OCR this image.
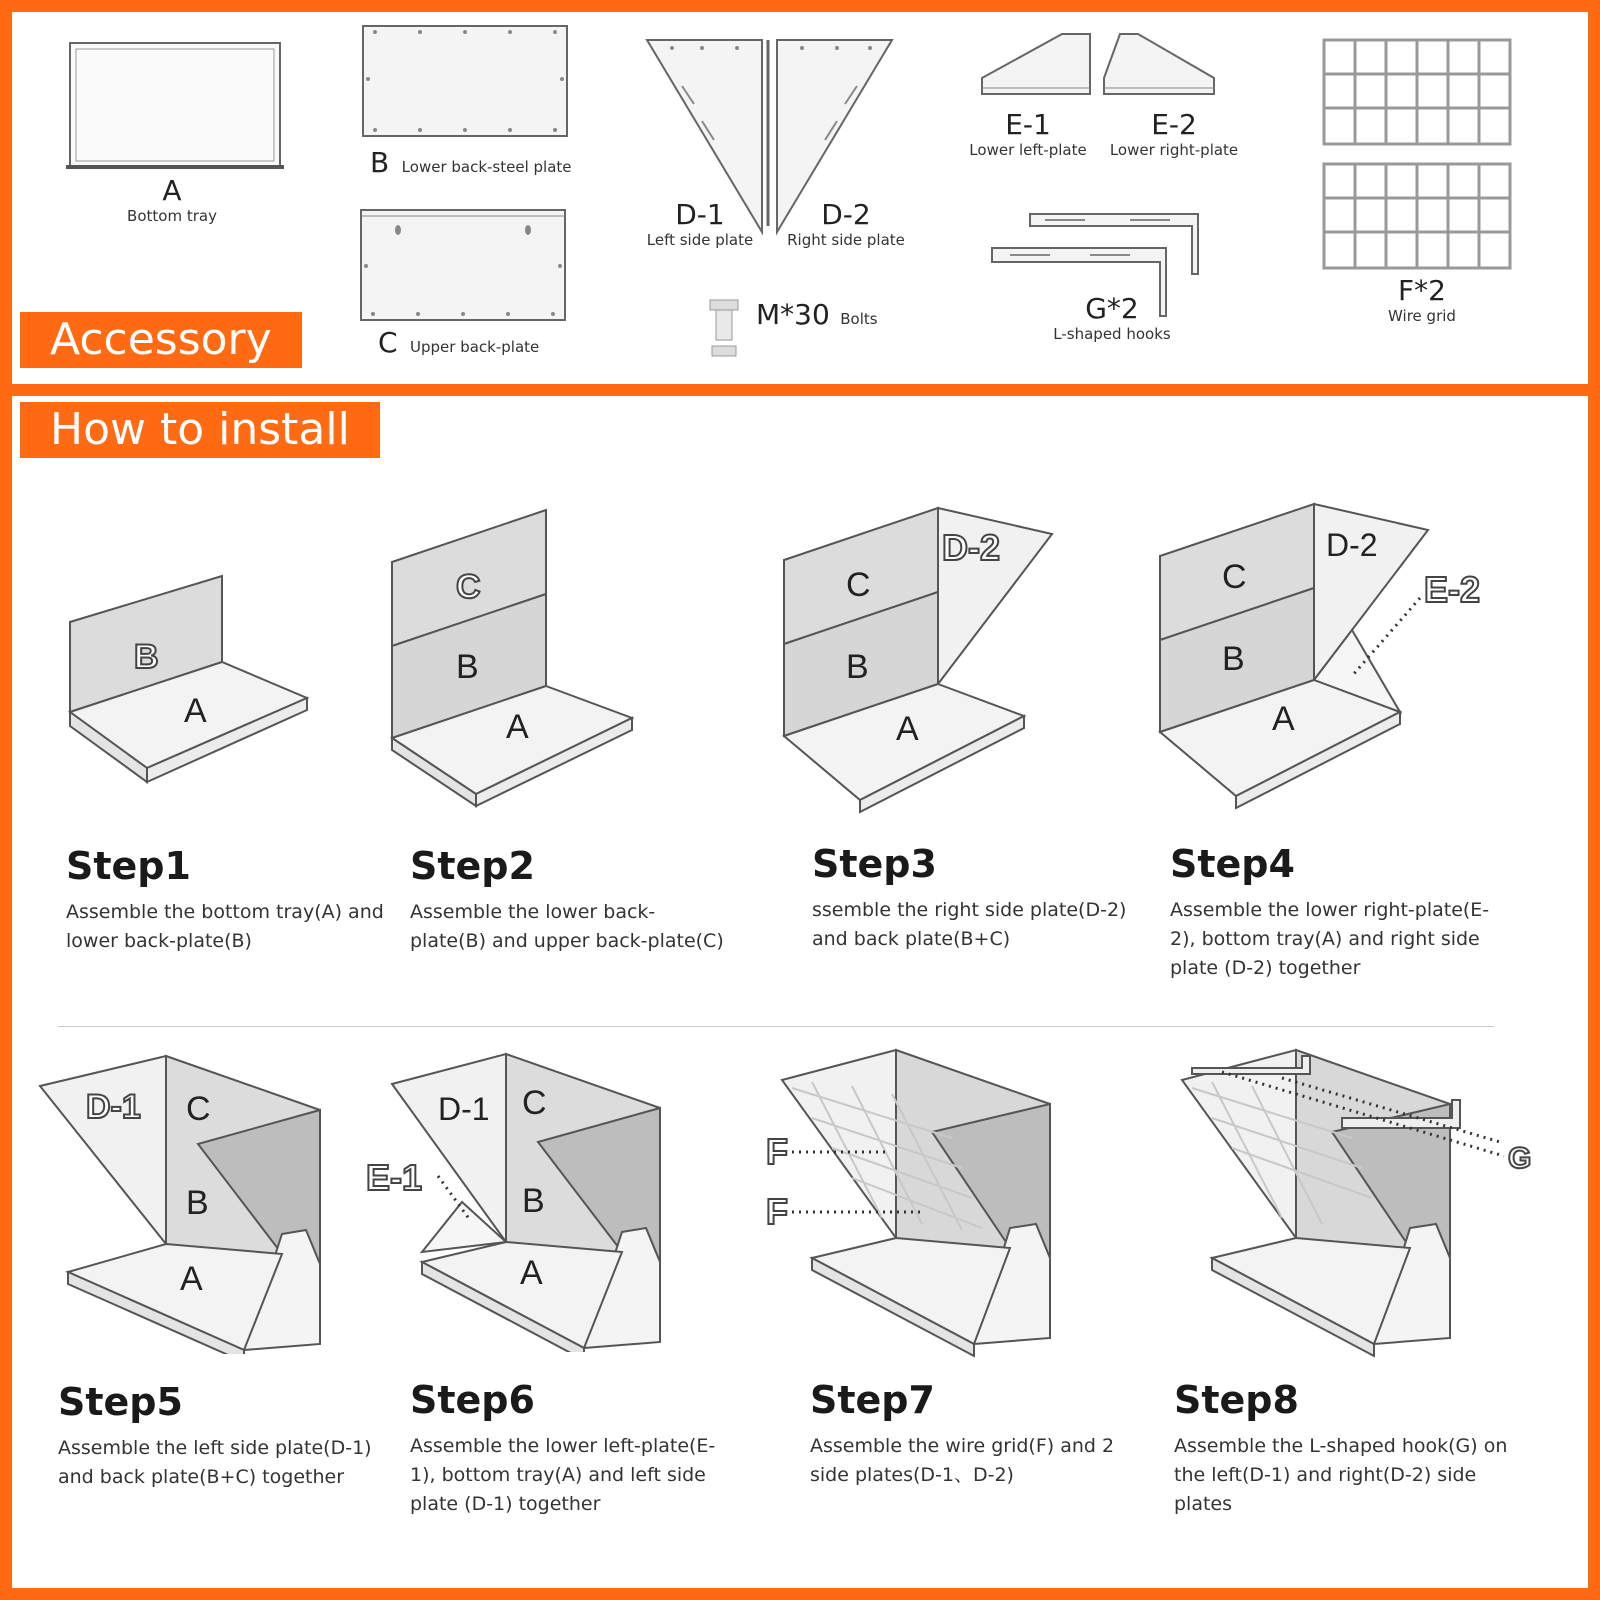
A
Bottom tray
B Lower back-steel plate
C Upper back-plate
D-1
Left side plate
D-2
Right side plate
M*30 Bolts
E-1
Lower left-plate
E-2
Lower right-plate
G*2
L-shaped hooks
F*2
Wire grid
Accessory
How to install
B
A
C
B
A
C
B
A
D-2
C
B
A
D-2
E-2
Step1
Assemble the bottom tray(A) and lower back-plate(B)
Step2
Assemble the lower back-plate(B) and upper back-plate(C)
Step3
ssemble the right side plate(D-2) and back plate(B+C)
Step4
Assemble the lower right-plate(E-2), bottom tray(A) and right side plate (D-2) together
D-1 C
B
A
D-1 C
B
A
E-1
F
F
G
Step5
Assemble the left side plate(D-1) and back plate(B+C) together
Step6
Assemble the lower left-plate(E-1), bottom tray(A) and left side plate (D-1) together
Step7
Assemble the wire grid(F) and 2 side plates(D-1、D-2)
Step8
Assemble the L-shaped hook(G) on the left(D-1) and right(D-2) side plates
